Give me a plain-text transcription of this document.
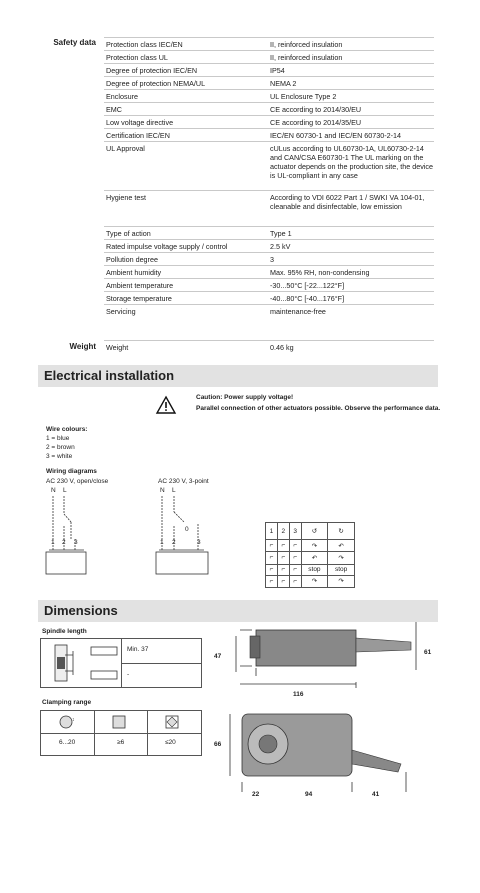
Safety data Protection class IEC/EN	II, reinforced insulation
Protection class UL	II, reinforced insulation
Degree of protection IEC/EN	IP54
Degree of protection NEMA/UL	NEMA 2
Enclosure	UL Enclosure Type 2
EMC	CE according to 2014/30/EU
Low voltage directive	CE according to 2014/35/EU
Certification IEC/EN	IEC/EN 60730-1 and IEC/EN 60730-2-14
UL Approval	cULus according to UL60730-1A, UL60730-2-14 and CAN/CSA E60730-1 The UL marking on the actuator depends on the production site, the device is UL-compliant in any case
Hygiene test	According to VDI 6022 Part 1 / SWKI VA 104-01, cleanable and disinfectable, low emission
Type of action	Type 1
Rated impulse voltage supply / control	2.5 kV
Pollution degree	3
Ambient humidity	Max. 95% RH, non-condensing
Ambient temperature	-30...50°C [-22...122°F]
Storage temperature	-40...80°C [-40...176°F]
Servicing	maintenance-free
Weight Weight	0.46 kg
Electrical installation
Caution: Power supply voltage!
Parallel connection of other actuators possible. Observe the performance data.
Wire colours:
1 = blue
2 = brown
3 = white
Wiring diagrams
AC 230 V, open/close	AC 230 V, 3-point
N L
1 2 3
N L
0
1 2	3
1	2	3	↺	↻
⌐	⌐	⌐	↷	↶
⌐	⌐	⌐	↶	↷
⌐	⌐	⌐	stop	stop
⌐	⌐	⌐	↷	↷
Dimensions
Spindle length
Min. 37
-
Clamping range
↕
6...20	≥6	≤20
47
61
116
66
22	94	41
